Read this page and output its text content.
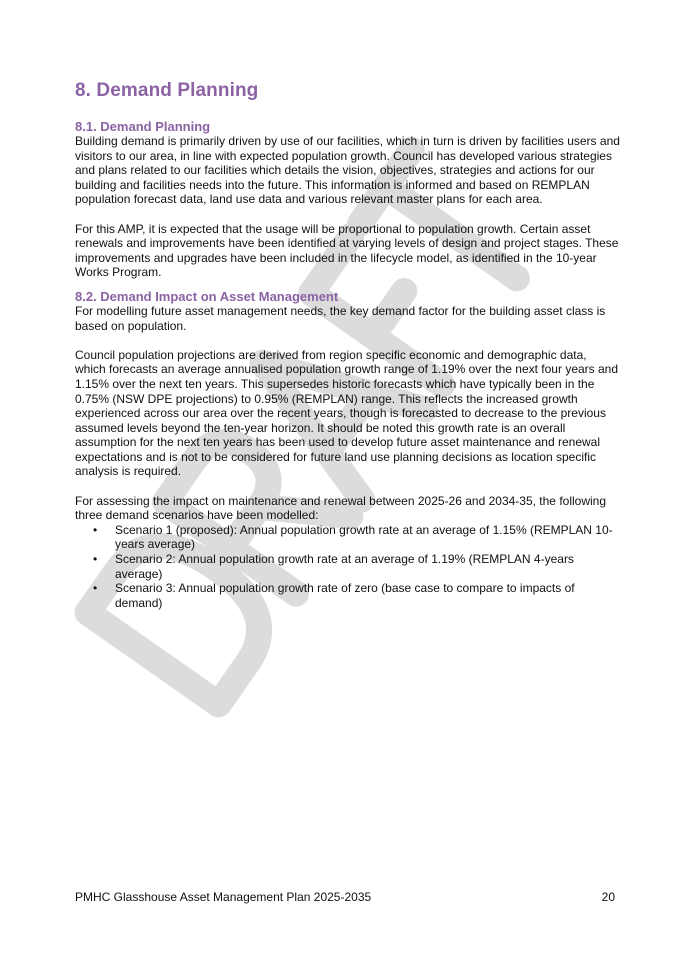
8. Demand Planning
8.1. Demand Planning

Building demand is primarily driven by use of our facilities, which in turn is driven by facilities users and visitors to our area, in line with expected population growth. Council has developed various strategies and plans related to our facilities which details the vision, objectives, strategies and actions for our building and facilities needs into the future. This information is informed and based on REMPLAN population forecast data, land use data and various relevant master plans for each area.

For this AMP, it is expected that the usage will be proportional to population growth. Certain asset renewals and improvements have been identified at varying levels of design and project stages. These improvements and upgrades have been included in the lifecycle model, as identified in the 10-year Works Program.

8.2. Demand Impact on Asset Management

For modelling future asset management needs, the key demand factor for the building asset class is based on population.

Council population projections are derived from region specific economic and demographic data, which forecasts an average annualised population growth range of 1.19% over the next four years and 1.15% over the next ten years. This supersedes historic forecasts which have typically been in the 0.75% (NSW DPE projections) to 0.95% (REMPLAN) range. This reflects the increased growth experienced across our area over the recent years, though is forecasted to decrease to the previous assumed levels beyond the ten-year horizon. It should be noted this growth rate is an overall assumption for the next ten years has been used to develop future asset maintenance and renewal expectations and is not to be considered for future land use planning decisions as location specific analysis is required.

For assessing the impact on maintenance and renewal between 2025-26 and 2034-35, the following three demand scenarios have been modelled:

• Scenario 1 (proposed): Annual population growth rate at an average of 1.15% (REMPLAN 10-years average)
• Scenario 2: Annual population growth rate at an average of 1.19% (REMPLAN 4-years average)
• Scenario 3: Annual population growth rate of zero (base case to compare to impacts of demand)
PMHC Glasshouse Asset Management Plan 2025-2035	20
